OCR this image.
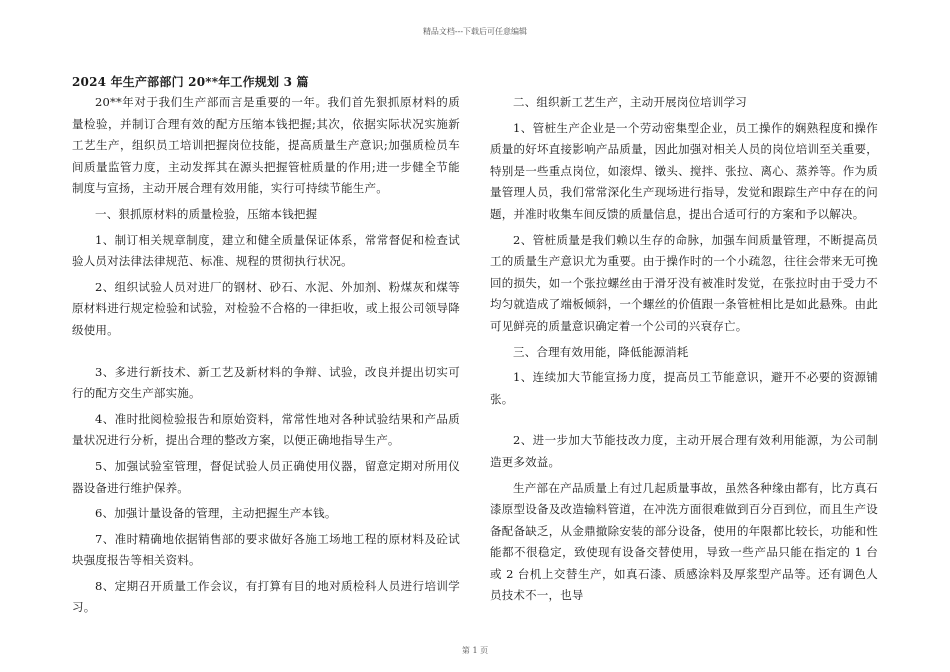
精品文档---下载后可任意编辑
2024 年生产部部门 20**年工作规划 3 篇

20**年对于我们生产部而言是重要的一年。我们首先狠抓原材料的质量检验，并制订合理有效的配方压缩本钱把握;其次，依据实际状况实施新工艺生产，组织员工培训把握岗位技能，提高质量生产意识;加强质检员车间质量监管力度，主动发挥其在源头把握管桩质量的作用;进一步健全节能制度与宣扬，主动开展合理有效用能，实行可持续节能生产。

一、狠抓原材料的质量检验，压缩本钱把握

1、制订相关规章制度，建立和健全质量保证体系，常常督促和检查试验人员对法律法律规范、标准、规程的贯彻执行状况。

2、组织试验人员对进厂的钢材、砂石、水泥、外加剂、粉煤灰和煤等原材料进行规定检验和试验，对检验不合格的一律拒收，或上报公司领导降级使用。

3、多进行新技术、新工艺及新材料的争辩、试验，改良并提出切实可行的配方交生产部实施。

4、准时批阅检验报告和原始资料，常常性地对各种试验结果和产品质量状况进行分析，提出合理的整改方案，以便正确地指导生产。

5、加强试验室管理，督促试验人员正确使用仪器，留意定期对所用仪器设备进行维护保养。

6、加强计量设备的管理，主动把握生产本钱。

7、准时精确地依据销售部的要求做好各施工场地工程的原材料及砼试块强度报告等相关资料。

8、定期召开质量工作会议，有打算有目的地对质检科人员进行培训学习。

二、组织新工艺生产，主动开展岗位培训学习

1、管桩生产企业是一个劳动密集型企业，员工操作的娴熟程度和操作质量的好坏直接影响产品质量，因此加强对相关人员的岗位培训至关重要，特别是一些重点岗位，如滚焊、镦头、搅拌、张拉、离心、蒸养等。作为质量管理人员，我们常常深化生产现场进行指导，发觉和跟踪生产中存在的问题，并准时收集车间反馈的质量信息，提出合适可行的方案和予以解决。

2、管桩质量是我们赖以生存的命脉，加强车间质量管理，不断提高员工的质量生产意识尤为重要。由于操作时的一个小疏忽，往往会带来无可挽回的损失，如一个张拉螺丝由于滑牙没有被准时发觉，在张拉时由于受力不均匀就造成了端板倾斜，一个螺丝的价值跟一条管桩相比是如此悬殊。由此可见鲜亮的质量意识确定着一个公司的兴衰存亡。

三、合理有效用能，降低能源消耗

1、连续加大节能宣扬力度，提高员工节能意识，避开不必要的资源铺张。

2、进一步加大节能技改力度，主动开展合理有效利用能源，为公司制造更多效益。

生产部在产品质量上有过几起质量事故，虽然各种缘由都有，比方真石漆原型设备及改造输料管道，在冲洗方面很难做到百分百到位，而且生产设备配备缺乏，从金鼎撤除安装的部分设备，使用的年限都比较长，功能和性能都不很稳定，致使现有设备交替使用，导致一些产品只能在指定的 1 台或 2 台机上交替生产，如真石漆、质感涂料及厚浆型产品等。还有调色人员技术不一，也导

第 1 页
